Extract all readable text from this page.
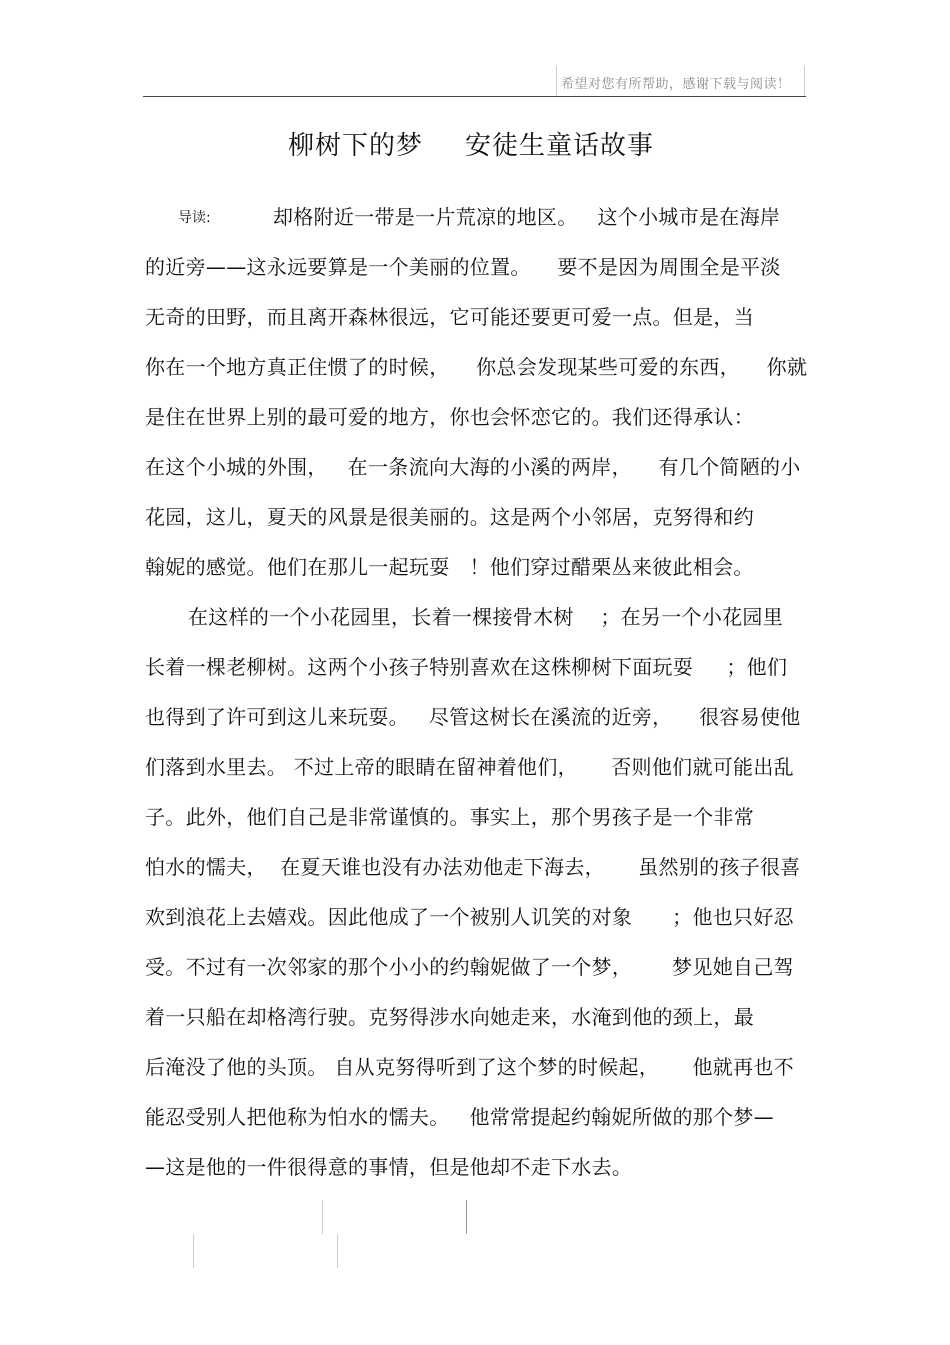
希望对您有所帮助，感谢下载与阅读！
柳树下的梦 安徒生童话故事
导读:	却格附近一带是一片荒凉的地区。   这个小城市是在海岸
的近旁——这永远要算是一个美丽的位置。    要不是因为周围全是平淡
无奇的田野，而且离开森林很远，它可能还要更可爱一点。但是，当
你在一个地方真正住惯了的时候，    你总会发现某些可爱的东西，    你就
是住在世界上别的最可爱的地方，你也会怀恋它的。我们还得承认：
在这个小城的外围，   在一条流向大海的小溪的两岸，    有几个简陋的小
花园，这儿，夏天的风景是很美丽的。这是两个小邻居，克努得和约
翰妮的感觉。他们在那儿一起玩耍   ！他们穿过醋栗丛来彼此相会。
在这样的一个小花园里，长着一棵接骨木树    ；在另一个小花园里
长着一棵老柳树。这两个小孩子特别喜欢在这株柳树下面玩耍     ；他们
也得到了许可到这儿来玩耍。   尽管这树长在溪流的近旁，    很容易使他
们落到水里去。 不过上帝的眼睛在留神着他们，     否则他们就可能出乱
子。此外，他们自己是非常谨慎的。事实上，那个男孩子是一个非常
怕水的懦夫，  在夏天谁也没有办法劝他走下海去，     虽然别的孩子很喜
欢到浪花上去嬉戏。因此他成了一个被别人讥笑的对象      ；他也只好忍
受。不过有一次邻家的那个小小的约翰妮做了一个梦，      梦见她自己驾
着一只船在却格湾行驶。克努得涉水向她走来，水淹到他的颈上，最
后淹没了他的头顶。 自从克努得听到了这个梦的时候起，     他就再也不
能忍受别人把他称为怕水的懦夫。   他常常提起约翰妮所做的那个梦—
—这是他的一件很得意的事情，但是他却不走下水去。
